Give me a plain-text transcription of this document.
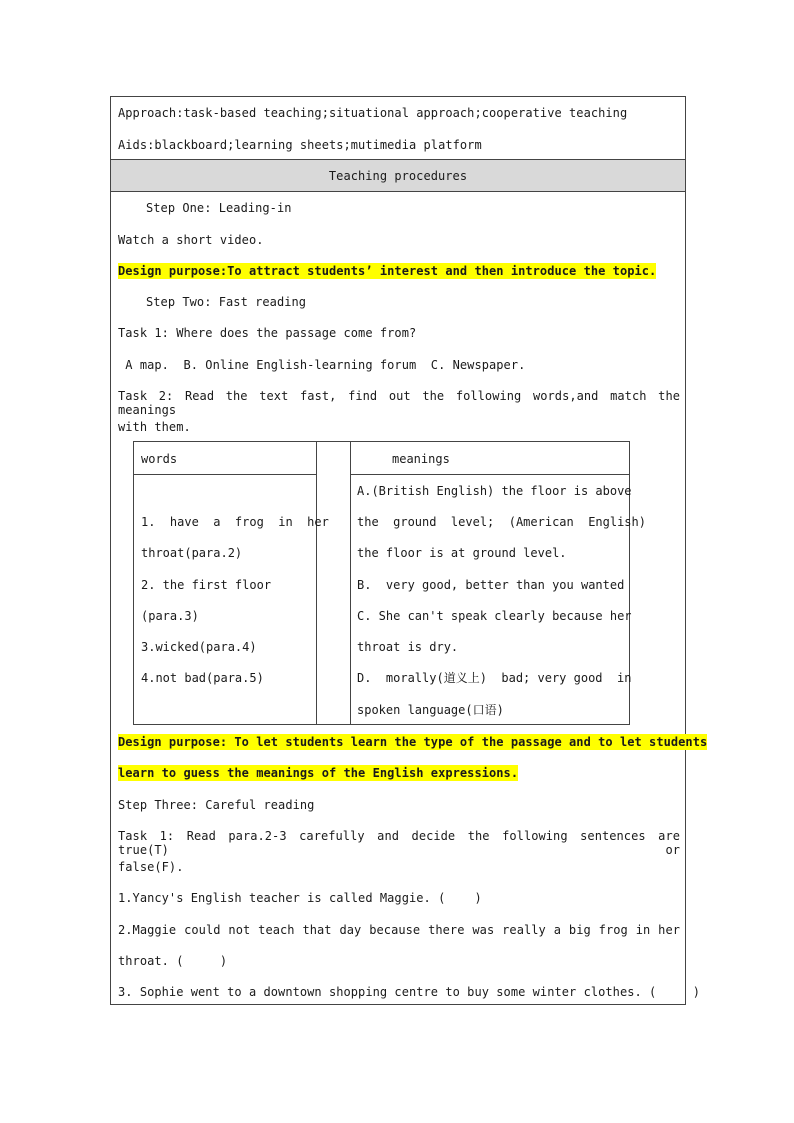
Approach:task-based teaching;situational approach;cooperative teaching
Aids:blackboard;learning sheets;mutimedia platform
Teaching procedures
Step One: Leading-in
Watch a short video.
Design purpose:To attract students’ interest and then introduce the topic.
Step Two: Fast reading
Task 1: Where does the passage come from?
A map.  B. Online English-learning forum  C. Newspaper.
Task 2: Read the text fast, find out the following words,and match the meanings
with them.
words	meanings
1.  have  a  frog  in  her
throat(para.2)
2. the first floor
(para.3)
3.wicked(para.4)
4.not bad(para.5)
A.(British English) the floor is above
the  ground  level;  (American  English)
the floor is at ground level.
B.  very good, better than you wanted
C. She can't speak clearly because her
throat is dry.
D.  morally(道义上)  bad; very good  in
spoken language(口语)
Design purpose: To let students learn the type of the passage and to let students
learn to guess the meanings of the English expressions.
Step Three: Careful reading
Task 1: Read para.2-3 carefully and decide the following sentences are true(T) or
false(F).
1.Yancy's English teacher is called Maggie. (    )
2.Maggie could not teach that day because there was really a big frog in her
throat. (     )
3. Sophie went to a downtown shopping centre to buy some winter clothes. (     )
